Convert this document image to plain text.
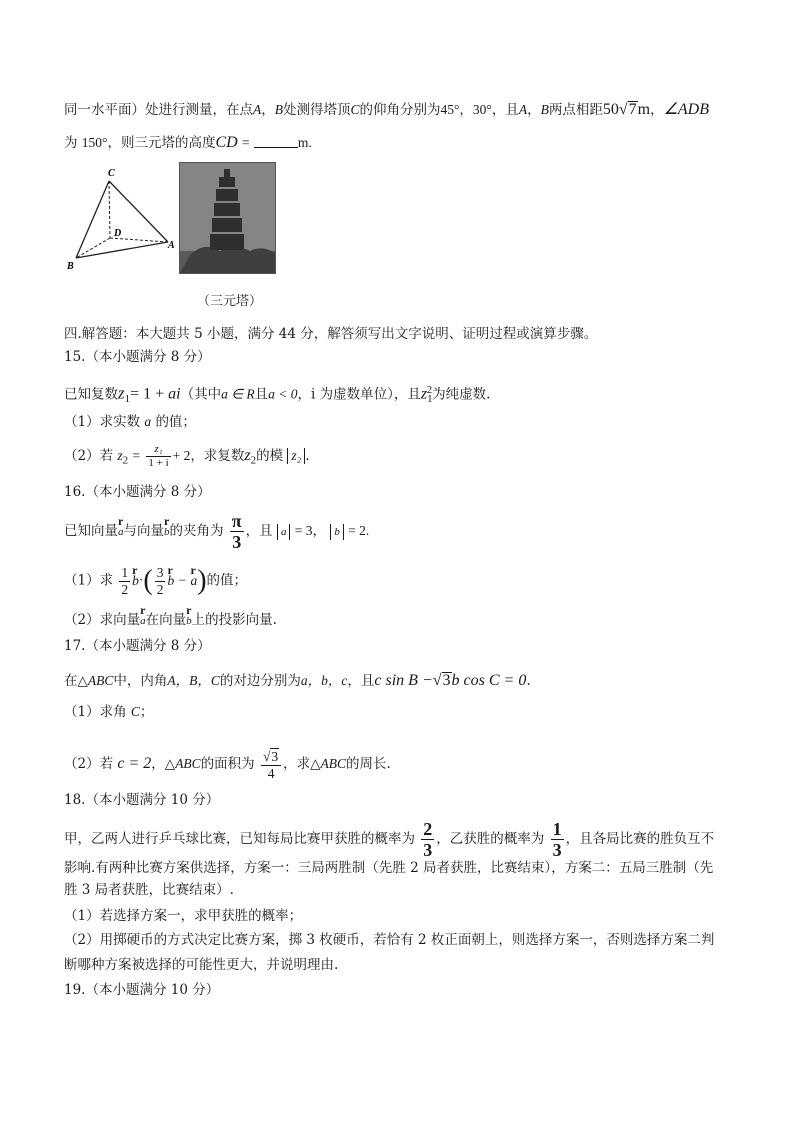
同一水平面）处进行测量，在点A，B处测得塔顶C的仰角分别为45°，30°，且A，B两点相距50√7m，∠ADB
为 150°，则三元塔的高度CD =	m.
C
D
A
B
（三元塔）
四.解答题：本大题共 5 小题，满分 44 分，解答须写出文字说明、证明过程或演算步骤。
15.（本小题满分 8 分）
已知复数$z_1= 1 + ai$（其中a ∈ R且a < 0，i 为虚数单位），且$z_1^2$为纯虚数.
（1）求实数 a 的值；
（2）若 $z_2 = \frac{\text{z₁}}{1 + i} + 2$，求复数$z_2$的模 z₂ .
16.（本小题满分 8 分）
已知向量r a与向量r b的夹角为 $\frac{\pi}{3}$ ，且 a = 3， b = 2.
（1）求 $\frac{1}{2}$ r $b\cdot( \frac{3}{2}$ r b − r a)的值；
（2）求向量r a在向量r b上的投影向量.
17.（本小题满分 8 分）
在△ABC中，内角A，B，C的对边分别为a，b，c，且c sin B −√3b cos C = 0.
（1）求角 C；
（2）若 c = 2，△ABC的面积为 $\frac{√3}{4}$ ，求△ABC的周长.
18.（本小题满分 10 分）
甲，乙两人进行乒乓球比赛，已知每局比赛甲获胜的概率为 $\frac{2}{3}$ ，乙获胜的概率为 $\frac{1}{3}$ ，且各局比赛的胜负互不
影响.有两种比赛方案供选择，方案一：三局两胜制（先胜 2 局者获胜，比赛结束），方案二：五局三胜制（先
胜 3 局者获胜，比赛结束）.
（1）若选择方案一，求甲获胜的概率；
（2）用掷硬币的方式决定比赛方案，掷 3 枚硬币，若恰有 2 枚正面朝上，则选择方案一，否则选择方案二判
断哪种方案被选择的可能性更大，并说明理由.
19.（本小题满分 10 分）
